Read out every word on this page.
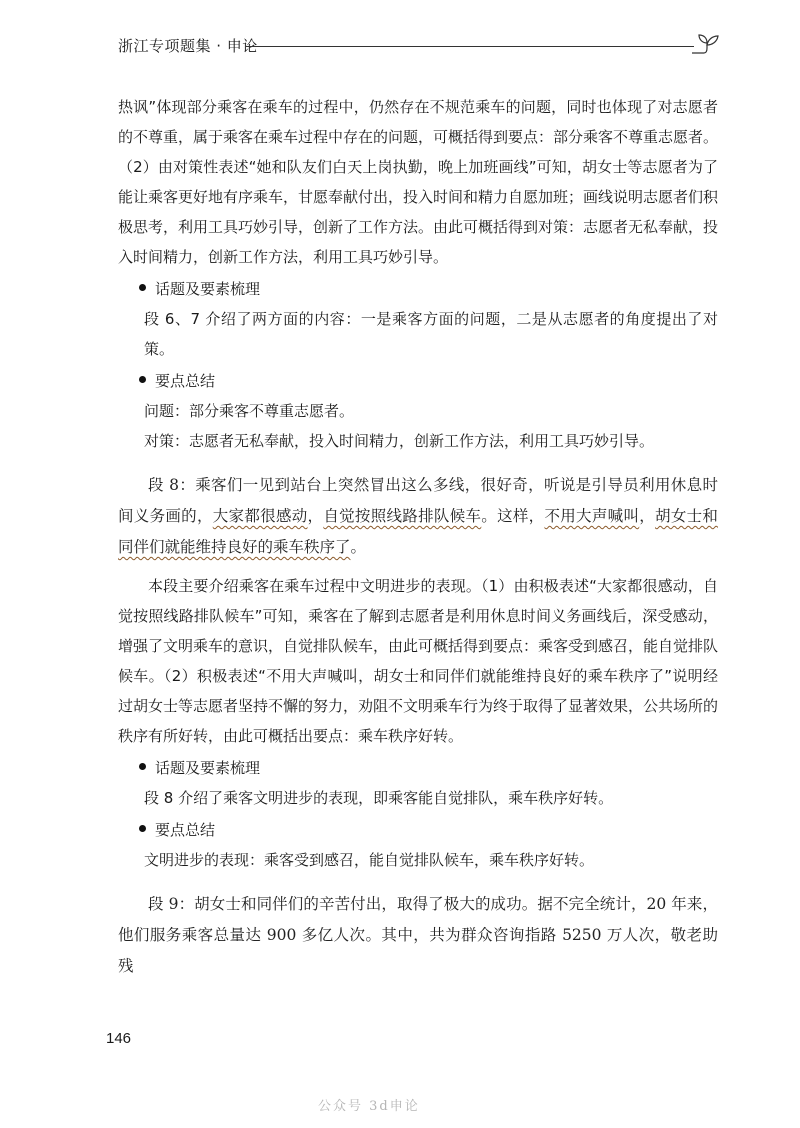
浙江专项题集 · 申论

热讽”体现部分乘客在乘车的过程中，仍然存在不规范乘车的问题，同时也体现了对志愿者的不尊重，属于乘客在乘车过程中存在的问题，可概括得到要点：部分乘客不尊重志愿者。（2）由对策性表述“她和队友们白天上岗执勤，晚上加班画线”可知，胡女士等志愿者为了能让乘客更好地有序乘车，甘愿奉献付出，投入时间和精力自愿加班；画线说明志愿者们积极思考，利用工具巧妙引导，创新了工作方法。由此可概括得到对策：志愿者无私奉献，投入时间精力，创新工作方法，利用工具巧妙引导。

话题及要素梳理

段 6、7 介绍了两方面的内容：一是乘客方面的问题，二是从志愿者的角度提出了对策。

要点总结

问题：部分乘客不尊重志愿者。

对策：志愿者无私奉献，投入时间精力，创新工作方法，利用工具巧妙引导。

段 8：乘客们一见到站台上突然冒出这么多线，很好奇，听说是引导员利用休息时间义务画的，大家都很感动，自觉按照线路排队候车。这样，不用大声喊叫，胡女士和同伴们就能维持良好的乘车秩序了。

本段主要介绍乘客在乘车过程中文明进步的表现。（1）由积极表述“大家都很感动，自觉按照线路排队候车”可知，乘客在了解到志愿者是利用休息时间义务画线后，深受感动，增强了文明乘车的意识，自觉排队候车，由此可概括得到要点：乘客受到感召，能自觉排队候车。（2）积极表述“不用大声喊叫，胡女士和同伴们就能维持良好的乘车秩序了”说明经过胡女士等志愿者坚持不懈的努力，劝阻不文明乘车行为终于取得了显著效果，公共场所的秩序有所好转，由此可概括出要点：乘车秩序好转。

话题及要素梳理

段 8 介绍了乘客文明进步的表现，即乘客能自觉排队，乘车秩序好转。

要点总结

文明进步的表现：乘客受到感召，能自觉排队候车，乘车秩序好转。

段 9：胡女士和同伴们的辛苦付出，取得了极大的成功。据不完全统计，20 年来，他们服务乘客总量达 900 多亿人次。其中，共为群众咨询指路 5250 万人次，敬老助残

146
公众号 3d申论
